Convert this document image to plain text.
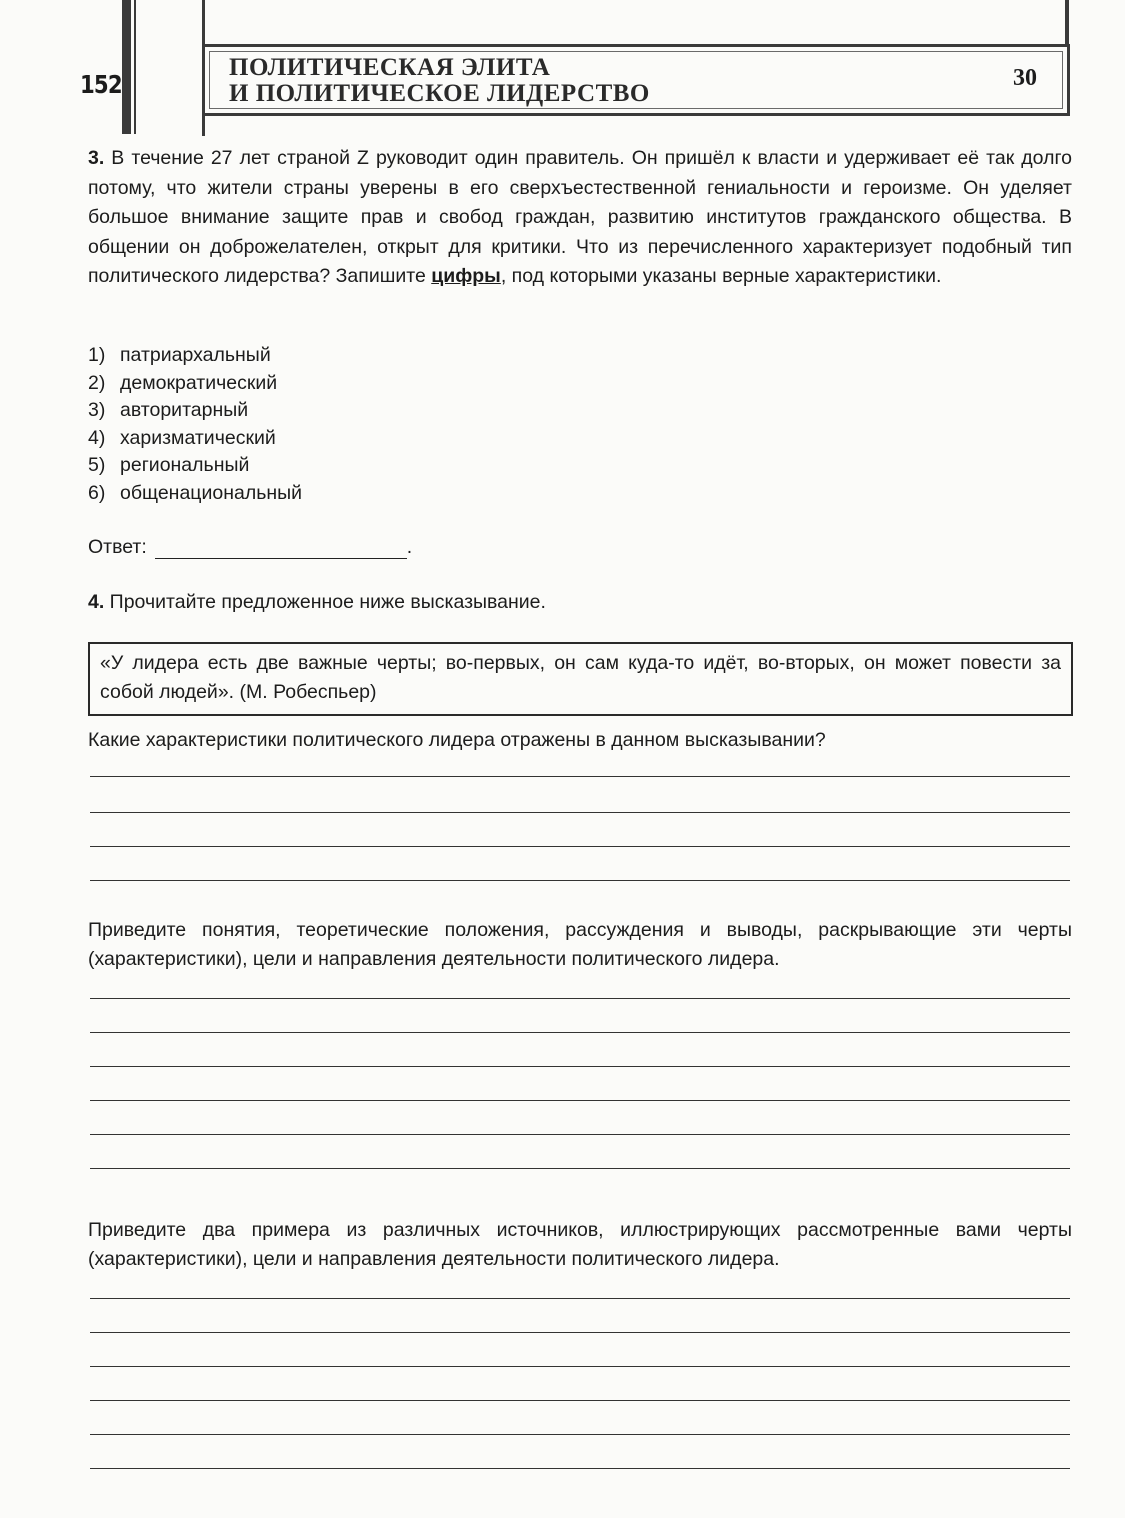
152
ПОЛИТИЧЕСКАЯ ЭЛИТА
И ПОЛИТИЧЕСКОЕ ЛИДЕРСТВО
30
3. В течение 27 лет страной Z руководит один правитель. Он пришёл к власти и удерживает её так долго потому, что жители страны уверены в его сверхъестественной гениальности и героизме. Он уделяет большое внимание защите прав и свобод граждан, развитию институтов гражданского общества. В общении он доброжелателен, открыт для критики. Что из перечисленного характеризует подобный тип политического лидерства? Запишите цифры, под которыми указаны верные характеристики.
1) патриархальный
2) демократический
3) авторитарный
4) харизматический
5) региональный
6) общенациональный
Ответ:	.
4. Прочитайте предложенное ниже высказывание.
«У лидера есть две важные черты; во-первых, он сам куда-то идёт, во-вторых, он может повести за собой людей». (М. Робеспьер)
Какие характеристики политического лидера отражены в данном высказывании?
Приведите понятия, теоретические положения, рассуждения и выводы, раскрывающие эти черты (характеристики), цели и направления деятельности политического лидера.
Приведите два примера из различных источников, иллюстрирующих рассмотренные вами черты (характеристики), цели и направления деятельности политического лидера.
